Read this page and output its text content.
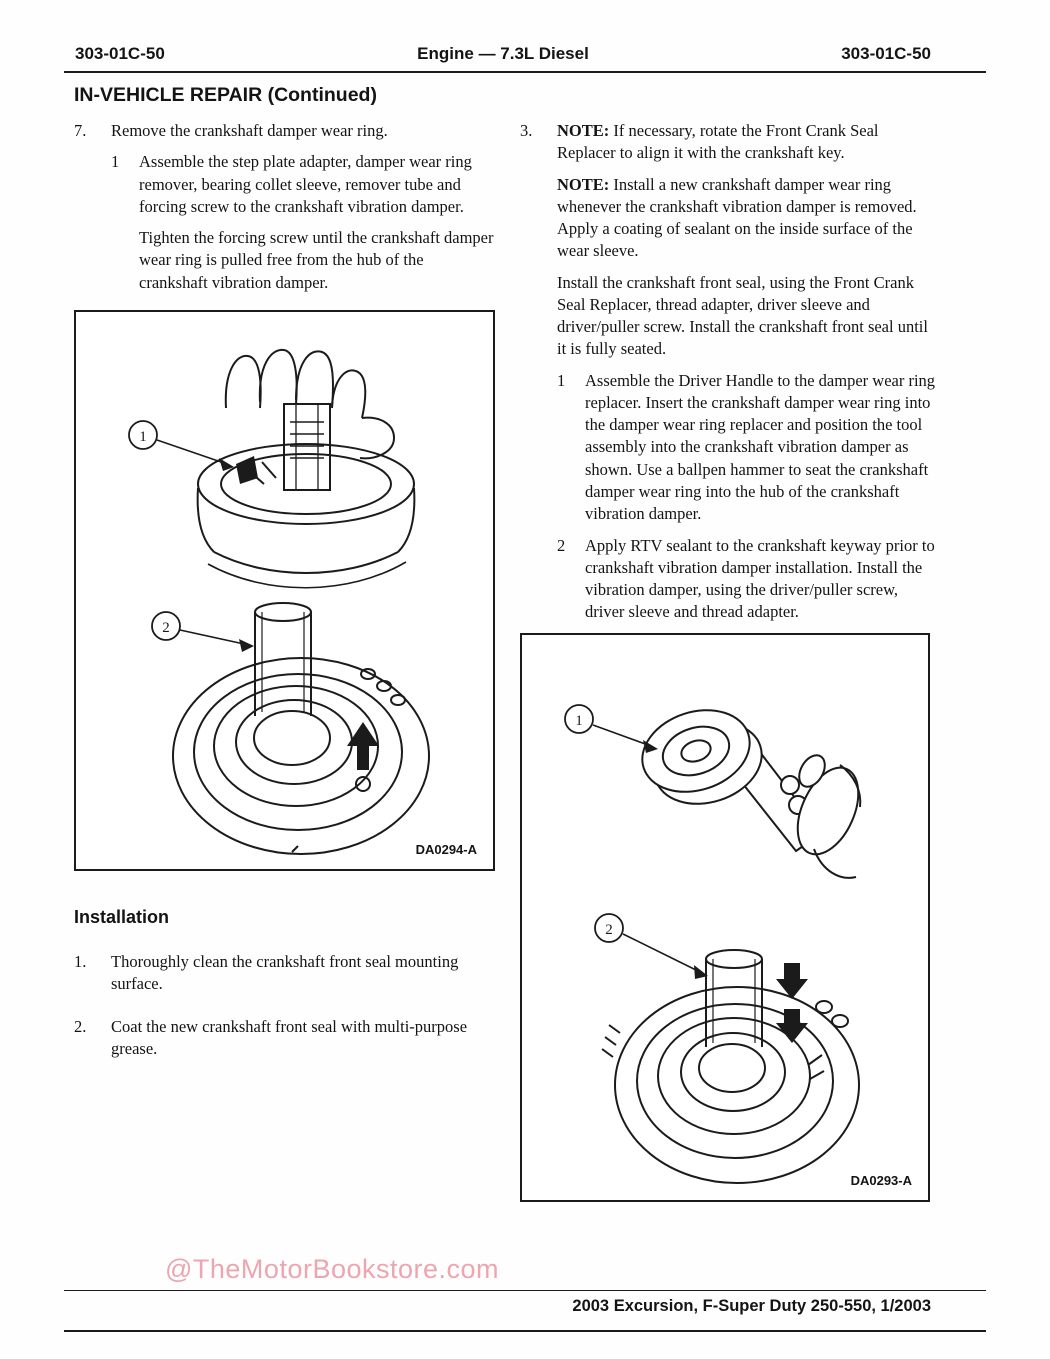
303-01C-50	Engine — 7.3L Diesel	303-01C-50
IN-VEHICLE REPAIR (Continued)
7.	Remove the crankshaft damper wear ring.
1	Assemble the step plate adapter, damper wear ring remover, bearing collet sleeve, remover tube and forcing screw to the crankshaft vibration damper.
Tighten the forcing screw until the crankshaft damper wear ring is pulled free from the hub of the crankshaft vibration damper.
1
2
DA0294-A
Installation
1.	Thoroughly clean the crankshaft front seal mounting surface.
2.	Coat the new crankshaft front seal with multi-purpose grease.
3.	NOTE: If necessary, rotate the Front Crank Seal Replacer to align it with the crankshaft key.
NOTE: Install a new crankshaft damper wear ring whenever the crankshaft vibration damper is removed. Apply a coating of sealant on the inside surface of the wear sleeve.
Install the crankshaft front seal, using the Front Crank Seal Replacer, thread adapter, driver sleeve and driver/puller screw. Install the crankshaft front seal until it is fully seated.
1	Assemble the Driver Handle to the damper wear ring replacer. Insert the crankshaft damper wear ring into the damper wear ring replacer and position the tool assembly into the crankshaft vibration damper as shown. Use a ballpen hammer to seat the crankshaft damper wear ring into the hub of the crankshaft vibration damper.
2	Apply RTV sealant to the crankshaft keyway prior to crankshaft vibration damper installation. Install the vibration damper, using the driver/puller screw, driver sleeve and thread adapter.
1
2
DA0293-A
@TheMotorBookstore.com
2003 Excursion, F-Super Duty 250-550, 1/2003
